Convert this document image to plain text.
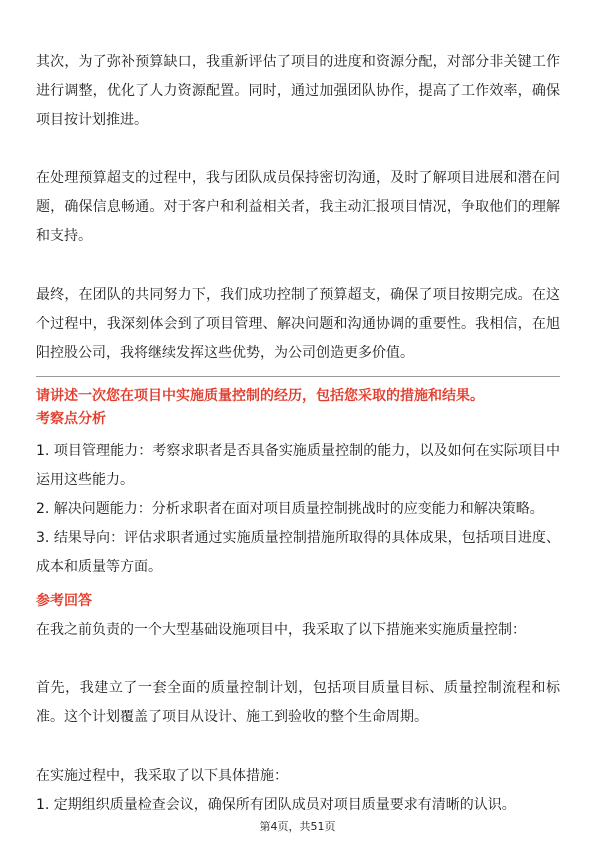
其次，为了弥补预算缺口，我重新评估了项目的进度和资源分配，对部分非关键工作进行调整，优化了人力资源配置。同时，通过加强团队协作，提高了工作效率，确保项目按计划推进。

在处理预算超支的过程中，我与团队成员保持密切沟通，及时了解项目进展和潜在问题，确保信息畅通。对于客户和利益相关者，我主动汇报项目情况，争取他们的理解和支持。

最终，在团队的共同努力下，我们成功控制了预算超支，确保了项目按期完成。在这个过程中，我深刻体会到了项目管理、解决问题和沟通协调的重要性。我相信，在旭阳控股公司，我将继续发挥这些优势，为公司创造更多价值。

请讲述一次您在项目中实施质量控制的经历，包括您采取的措施和结果。

考察点分析

1. 项目管理能力：考察求职者是否具备实施质量控制的能力，以及如何在实际项目中运用这些能力。

2. 解决问题能力：分析求职者在面对项目质量控制挑战时的应变能力和解决策略。

3. 结果导向：评估求职者通过实施质量控制措施所取得的具体成果，包括项目进度、成本和质量等方面。

参考回答

在我之前负责的一个大型基础设施项目中，我采取了以下措施来实施质量控制：

首先，我建立了一套全面的质量控制计划，包括项目质量目标、质量控制流程和标准。这个计划覆盖了项目从设计、施工到验收的整个生命周期。

在实施过程中，我采取了以下具体措施：

1. 定期组织质量检查会议，确保所有团队成员对项目质量要求有清晰的认识。

第4页，共51页
